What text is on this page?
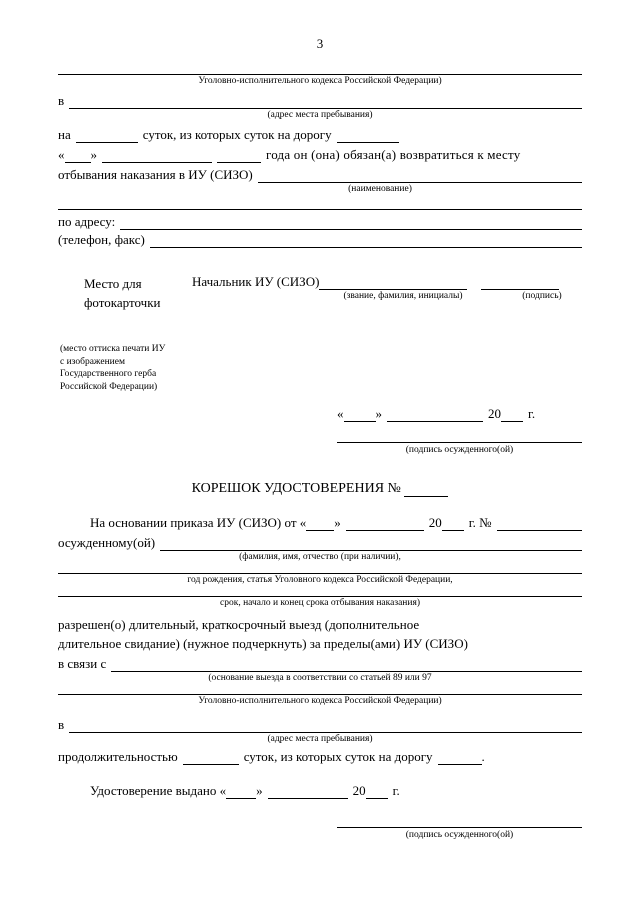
3
Уголовно-исполнительного кодекса Российской Федерации)
в
(адрес места пребывания)
на	суток, из которых суток на дорогу
« »	года он (она) обязан(а) возвратиться к месту
отбывания наказания в ИУ (СИЗО)
(наименование)
по адресу:
(телефон, факс)
Место для
фотокарточки
Начальник ИУ (СИЗО)
(звание, фамилия, инициалы)	(подпись)
(место оттиска печати ИУ
с изображением
Государственного герба
Российской Федерации)
« »	20 г.
(подпись осужденного(ой)
КОРЕШОК УДОСТОВЕРЕНИЯ №
На основании приказа ИУ (СИЗО) от « »	20 г. №
осужденному(ой)
(фамилия, имя, отчество (при наличии),
год рождения, статья Уголовного кодекса Российской Федерации,
срок, начало и конец срока отбывания наказания)
разрешен(о) длительный, краткосрочный выезд (дополнительное
длительное свидание) (нужное подчеркнуть) за пределы(ами) ИУ (СИЗО)
в связи с
(основание выезда в соответствии со статьей 89 или 97
Уголовно-исполнительного кодекса Российской Федерации)
в
(адрес места пребывания)
продолжительностью	суток, из которых суток на дорогу	.
Удостоверение выдано « »	20 г.
(подпись осужденного(ой)
